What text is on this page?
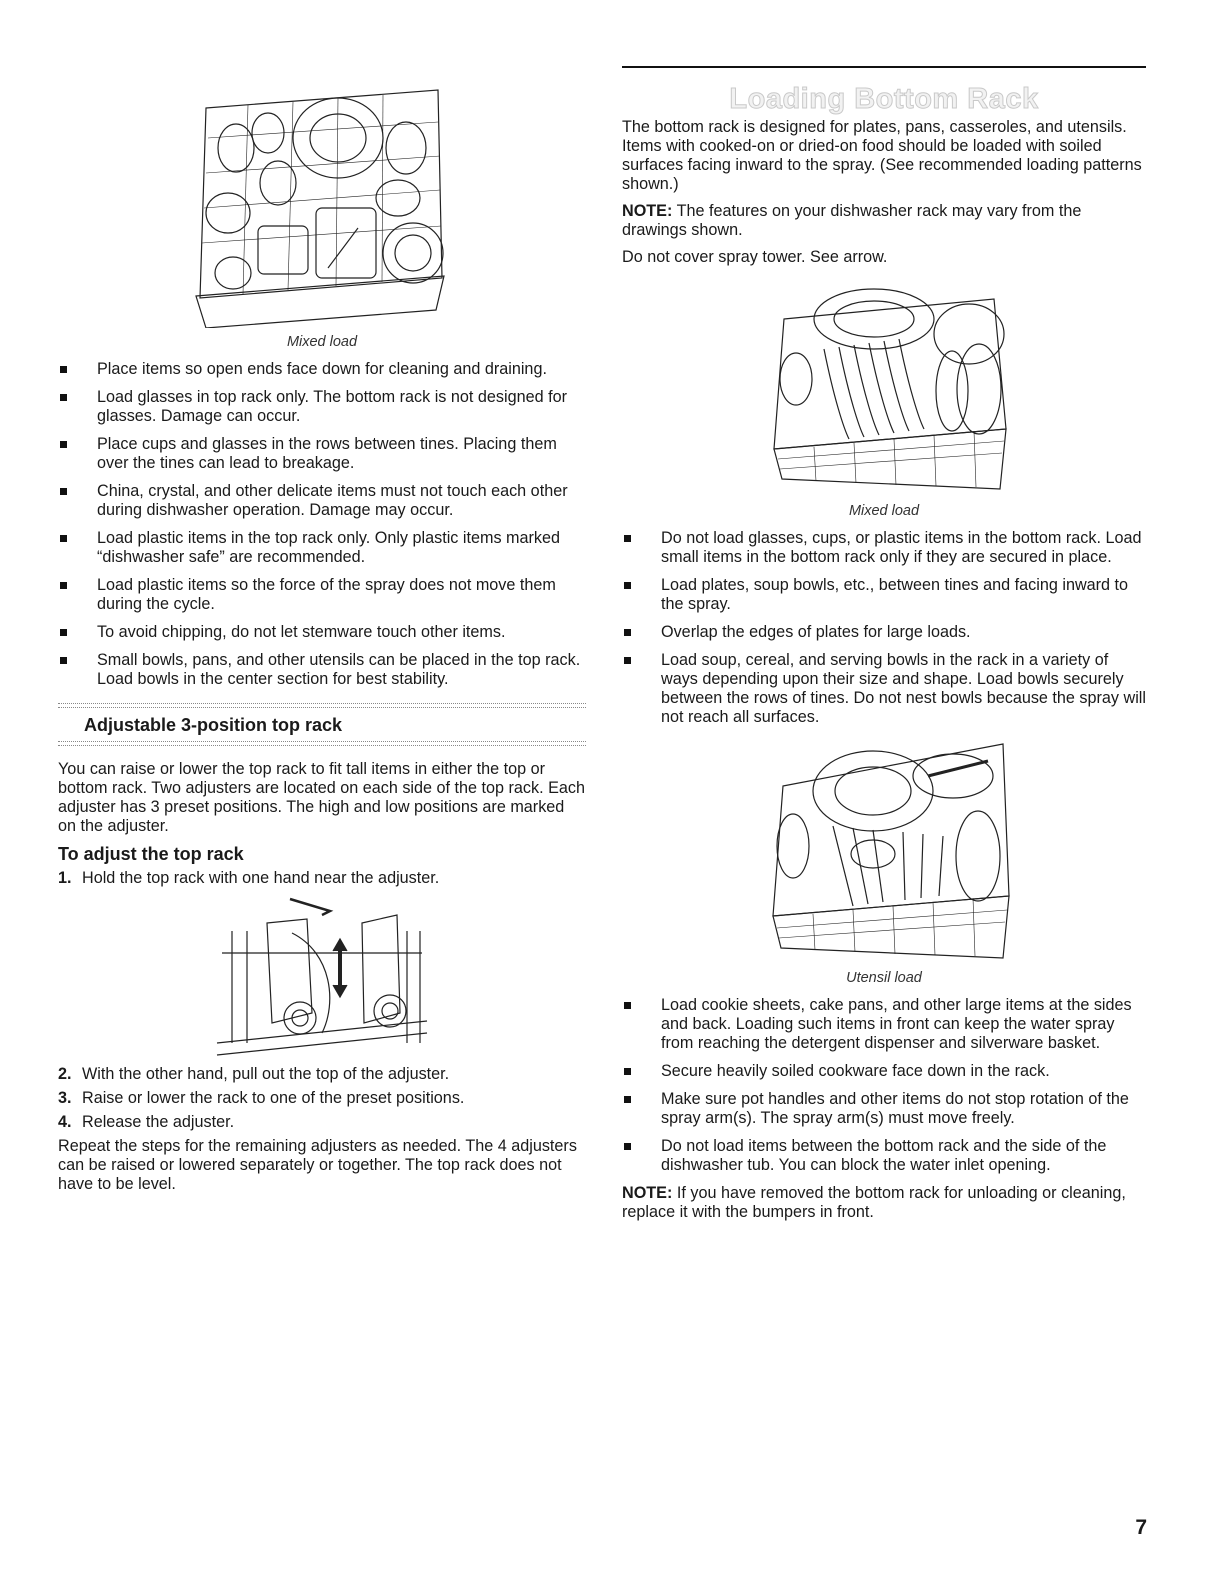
Mixed load
Place items so open ends face down for cleaning and draining.
Load glasses in top rack only. The bottom rack is not designed for glasses. Damage can occur.
Place cups and glasses in the rows between tines. Placing them over the tines can lead to breakage.
China, crystal, and other delicate items must not touch each other during dishwasher operation. Damage may occur.
Load plastic items in the top rack only. Only plastic items marked “dishwasher safe” are recommended.
Load plastic items so the force of the spray does not move them during the cycle.
To avoid chipping, do not let stemware touch other items.
Small bowls, pans, and other utensils can be placed in the top rack. Load bowls in the center section for best stability.
Adjustable 3-position top rack

You can raise or lower the top rack to fit tall items in either the top or bottom rack. Two adjusters are located on each side of the top rack. Each adjuster has 3 preset positions. The high and low positions are marked on the adjuster.

To adjust the top rack
1. Hold the top rack with one hand near the adjuster.
2. With the other hand, pull out the top of the adjuster.
3. Raise or lower the rack to one of the preset positions.
4. Release the adjuster.

Repeat the steps for the remaining adjusters as needed. The 4 adjusters can be raised or lowered separately or together. The top rack does not have to be level.

Loading Bottom Rack

The bottom rack is designed for plates, pans, casseroles, and utensils. Items with cooked-on or dried-on food should be loaded with soiled surfaces facing inward to the spray. (See recommended loading patterns shown.)

NOTE: The features on your dishwasher rack may vary from the drawings shown.

Do not cover spray tower. See arrow.

Mixed load
Do not load glasses, cups, or plastic items in the bottom rack. Load small items in the bottom rack only if they are secured in place.
Load plates, soup bowls, etc., between tines and facing inward to the spray.
Overlap the edges of plates for large loads.
Load soup, cereal, and serving bowls in the rack in a variety of ways depending upon their size and shape. Load bowls securely between the rows of tines. Do not nest bowls because the spray will not reach all surfaces.
Utensil load
Load cookie sheets, cake pans, and other large items at the sides and back. Loading such items in front can keep the water spray from reaching the detergent dispenser and silverware basket.
Secure heavily soiled cookware face down in the rack.
Make sure pot handles and other items do not stop rotation of the spray arm(s). The spray arm(s) must move freely.
Do not load items between the bottom rack and the side of the dishwasher tub. You can block the water inlet opening.

NOTE: If you have removed the bottom rack for unloading or cleaning, replace it with the bumpers in front.

7
